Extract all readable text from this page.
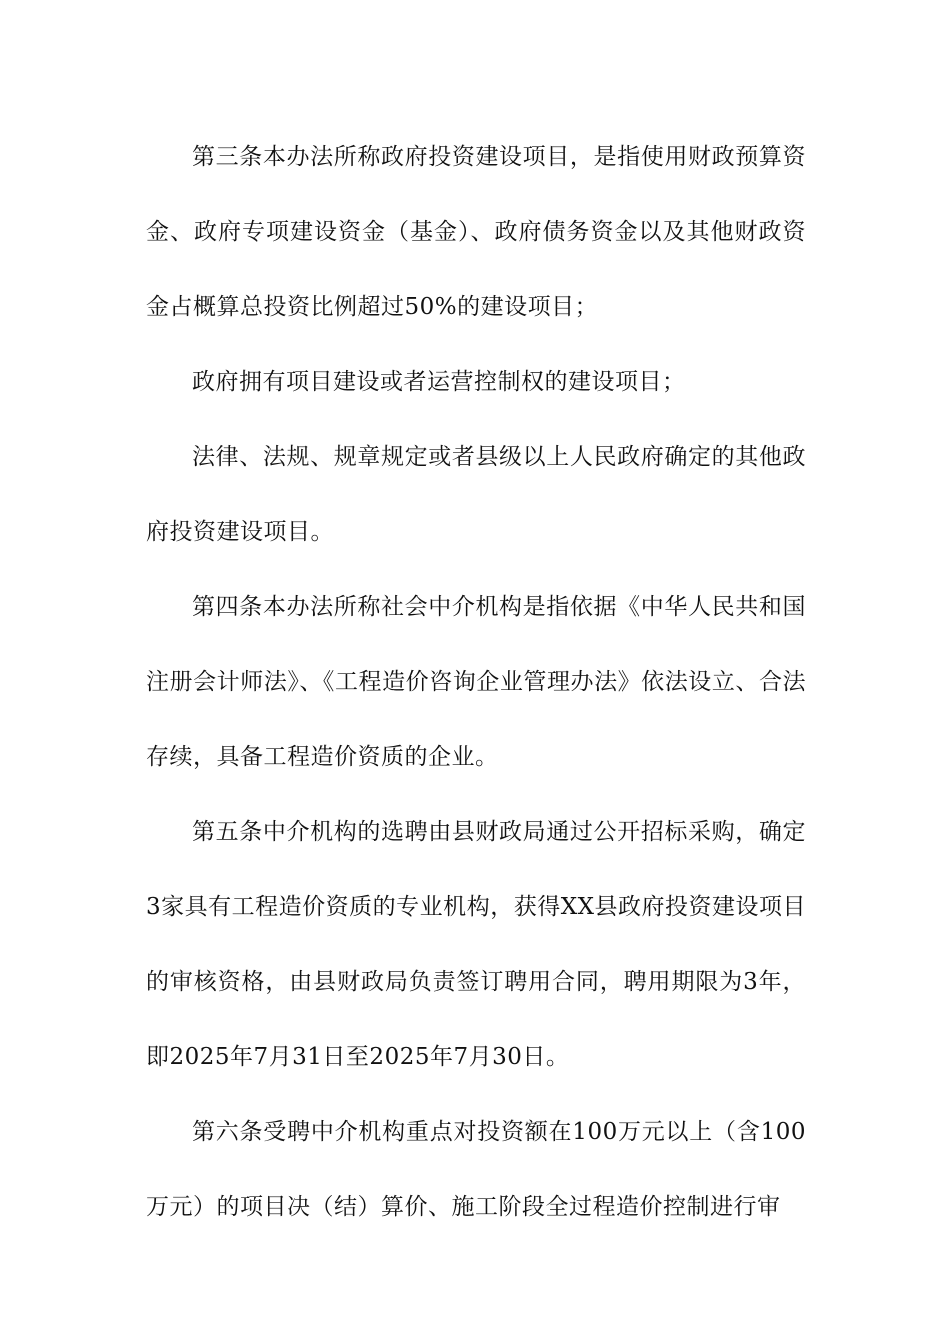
第三条本办法所称政府投资建设项目，是指使用财政预算资金、政府专项建设资金（基金）、政府债务资金以及其他财政资金占概算总投资比例超过50%的建设项目；

政府拥有项目建设或者运营控制权的建设项目；

法律、法规、规章规定或者县级以上人民政府确定的其他政府投资建设项目。

第四条本办法所称社会中介机构是指依据《中华人民共和国注册会计师法》、《工程造价咨询企业管理办法》依法设立、合法存续，具备工程造价资质的企业。

第五条中介机构的选聘由县财政局通过公开招标采购，确定3家具有工程造价资质的专业机构，获得XX县政府投资建设项目的审核资格，由县财政局负责签订聘用合同，聘用期限为3年，即2025年7月31日至2025年7月30日。

第六条受聘中介机构重点对投资额在100万元以上（含100万元）的项目决（结）算价、施工阶段全过程造价控制进行审
